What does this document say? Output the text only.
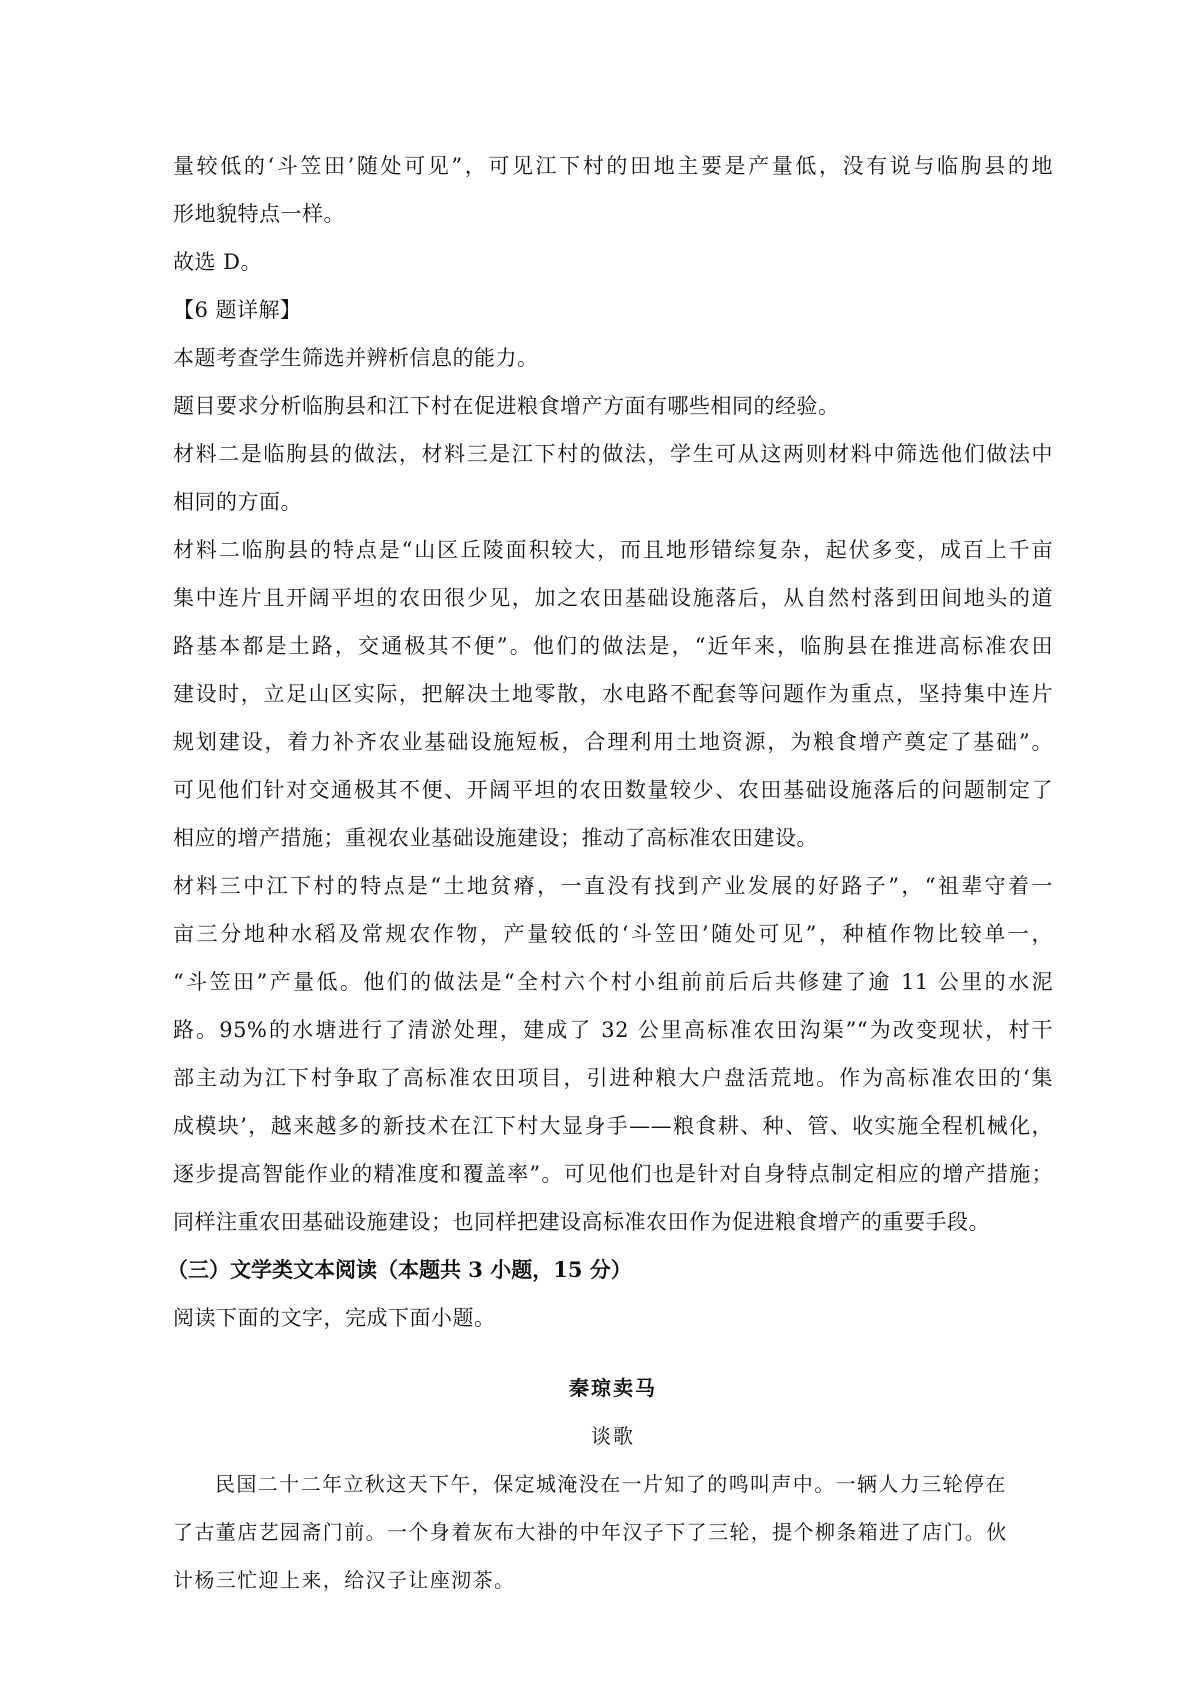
量较低的‘斗笠田’随处可见”，可见江下村的田地主要是产量低，没有说与临朐县的地
形地貌特点一样。
故选 D。
【6 题详解】
本题考查学生筛选并辨析信息的能力。
题目要求分析临朐县和江下村在促进粮食增产方面有哪些相同的经验。
材料二是临朐县的做法，材料三是江下村的做法，学生可从这两则材料中筛选他们做法中
相同的方面。
材料二临朐县的特点是“山区丘陵面积较大，而且地形错综复杂，起伏多变，成百上千亩
集中连片且开阔平坦的农田很少见，加之农田基础设施落后，从自然村落到田间地头的道
路基本都是土路，交通极其不便”。他们的做法是，“近年来，临朐县在推进高标准农田
建设时，立足山区实际，把解决土地零散，水电路不配套等问题作为重点，坚持集中连片
规划建设，着力补齐农业基础设施短板，合理利用土地资源，为粮食增产奠定了基础”。
可见他们针对交通极其不便、开阔平坦的农田数量较少、农田基础设施落后的问题制定了
相应的增产措施；重视农业基础设施建设；推动了高标准农田建设。
材料三中江下村的特点是“土地贫瘠，一直没有找到产业发展的好路子”，“祖辈守着一
亩三分地种水稻及常规农作物，产量较低的‘斗笠田’随处可见”，种植作物比较单一，
“斗笠田”产量低。他们的做法是“全村六个村小组前前后后共修建了逾 11 公里的水泥
路。95%的水塘进行了清淤处理，建成了 32 公里高标准农田沟渠”“为改变现状，村干
部主动为江下村争取了高标准农田项目，引进种粮大户盘活荒地。作为高标准农田的‘集
成模块’，越来越多的新技术在江下村大显身手——粮食耕、种、管、收实施全程机械化，
逐步提高智能作业的精准度和覆盖率”。可见他们也是针对自身特点制定相应的增产措施；
同样注重农田基础设施建设；也同样把建设高标准农田作为促进粮食增产的重要手段。
（三）文学类文本阅读（本题共 3 小题，15 分）
阅读下面的文字，完成下面小题。
秦琼卖马
谈歌
民国二十二年立秋这天下午，保定城淹没在一片知了的鸣叫声中。一辆人力三轮停在
了古董店艺园斋门前。一个身着灰布大褂的中年汉子下了三轮，提个柳条箱进了店门。伙
计杨三忙迎上来，给汉子让座沏茶。
